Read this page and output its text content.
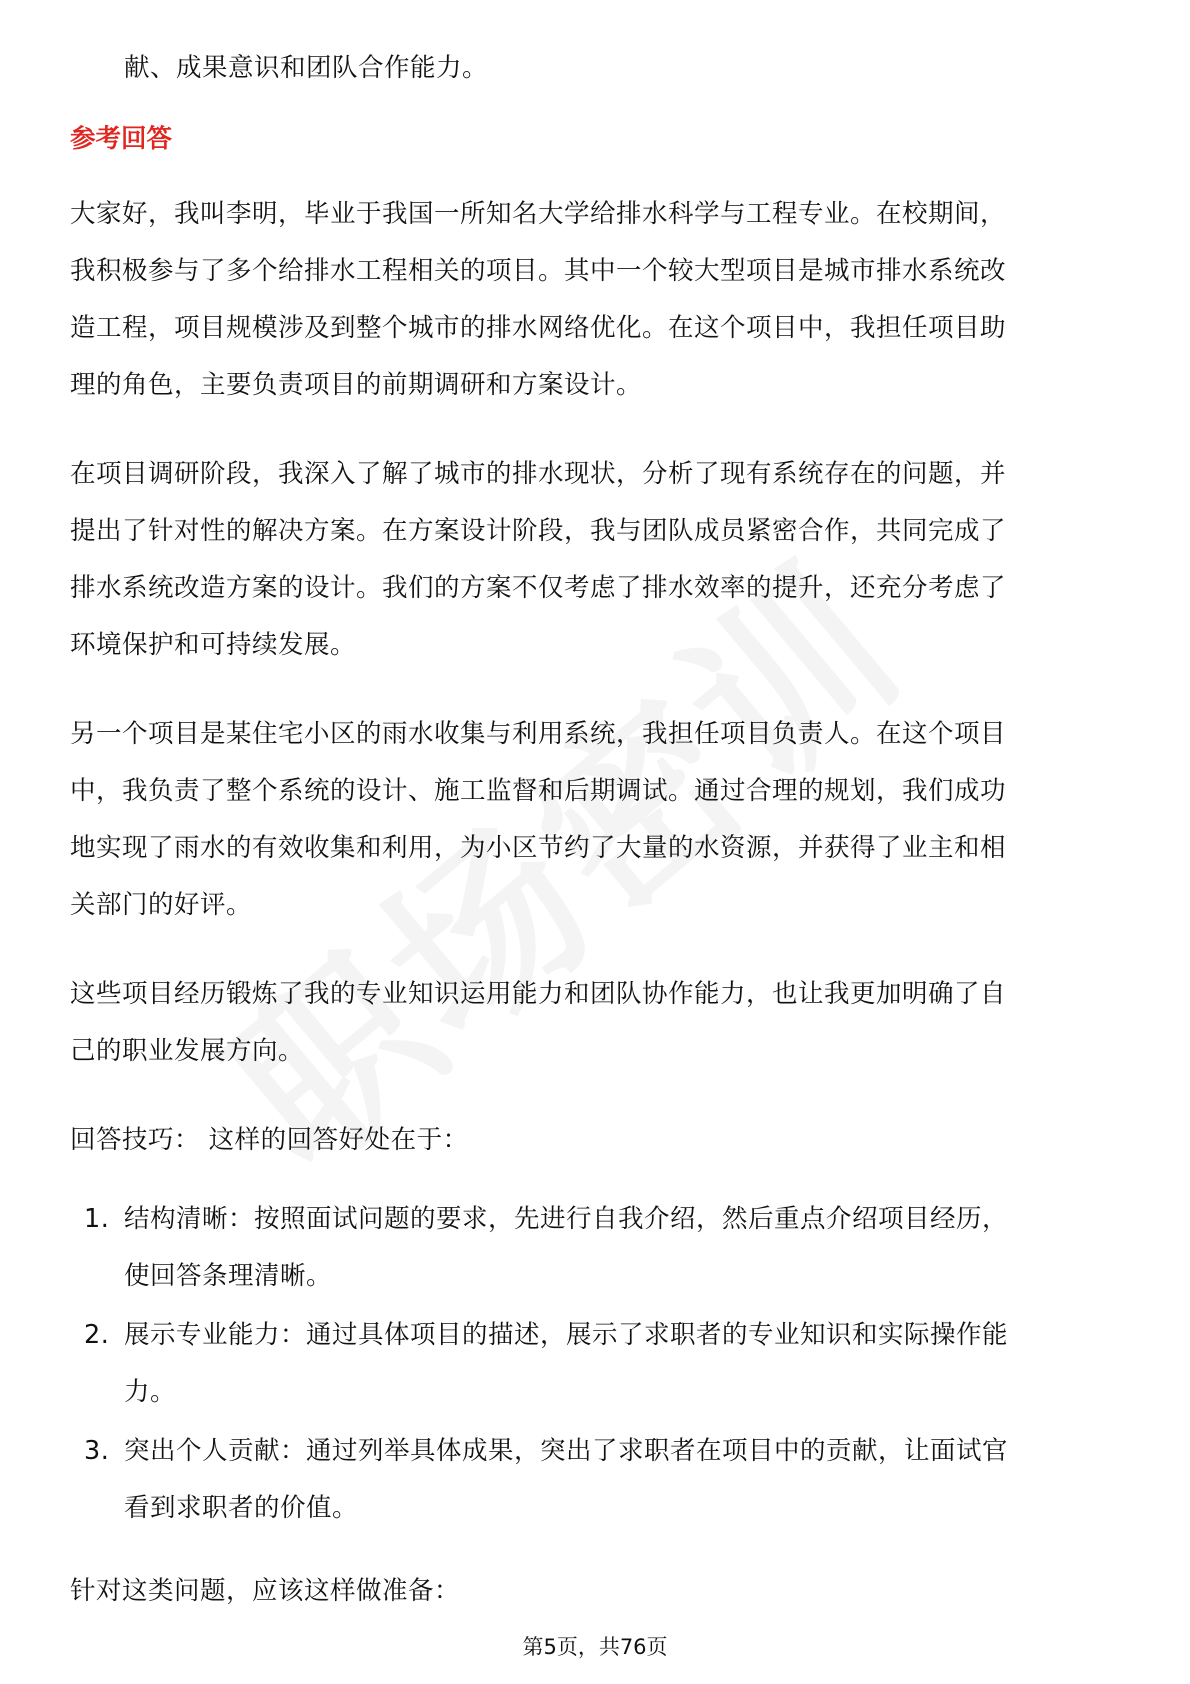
献、成果意识和团队合作能力。

参考回答

大家好，我叫李明，毕业于我国一所知名大学给排水科学与工程专业。在校期间，

我积极参与了多个给排水工程相关的项目。其中一个较大型项目是城市排水系统改

造工程，项目规模涉及到整个城市的排水网络优化。在这个项目中，我担任项目助

理的角色，主要负责项目的前期调研和方案设计。

在项目调研阶段，我深入了解了城市的排水现状，分析了现有系统存在的问题，并

提出了针对性的解决方案。在方案设计阶段，我与团队成员紧密合作，共同完成了

排水系统改造方案的设计。我们的方案不仅考虑了排水效率的提升，还充分考虑了

环境保护和可持续发展。

另一个项目是某住宅小区的雨水收集与利用系统，我担任项目负责人。在这个项目

中，我负责了整个系统的设计、施工监督和后期调试。通过合理的规划，我们成功

地实现了雨水的有效收集和利用，为小区节约了大量的水资源，并获得了业主和相

关部门的好评。

这些项目经历锻炼了我的专业知识运用能力和团队协作能力，也让我更加明确了自

己的职业发展方向。

回答技巧： 这样的回答好处在于：

1. 结构清晰：按照面试问题的要求，先进行自我介绍，然后重点介绍项目经历，

使回答条理清晰。

2. 展示专业能力：通过具体项目的描述，展示了求职者的专业知识和实际操作能

力。

3. 突出个人贡献：通过列举具体成果，突出了求职者在项目中的贡献，让面试官

看到求职者的价值。

针对这类问题，应该这样做准备：

第5页，共76页
